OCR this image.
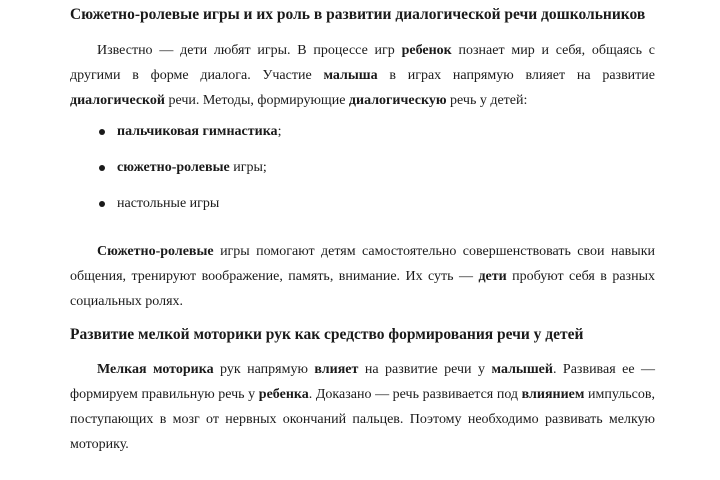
Сюжетно-ролевые игры и их роль в развитии диалогической речи дошкольников

Известно — дети любят игры. В процессе игр ребенок познает мир и себя, общаясь с другими в форме диалога. Участие малыша в играх напрямую влияет на развитие диалогической речи. Методы, формирующие диалогическую речь у детей:

пальчиковая гимнастика;
сюжетно-ролевые игры;
настольные игры

Сюжетно-ролевые игры помогают детям самостоятельно совершенствовать свои навыки общения, тренируют воображение, память, внимание. Их суть — дети пробуют себя в разных социальных ролях.

Развитие мелкой моторики рук как средство формирования речи у детей

Мелкая моторика рук напрямую влияет на развитие речи у малышей. Развивая ее — формируем правильную речь у ребенка. Доказано — речь развивается под влиянием импульсов, поступающих в мозг от нервных окончаний пальцев. Поэтому необходимо развивать мелкую моторику.
